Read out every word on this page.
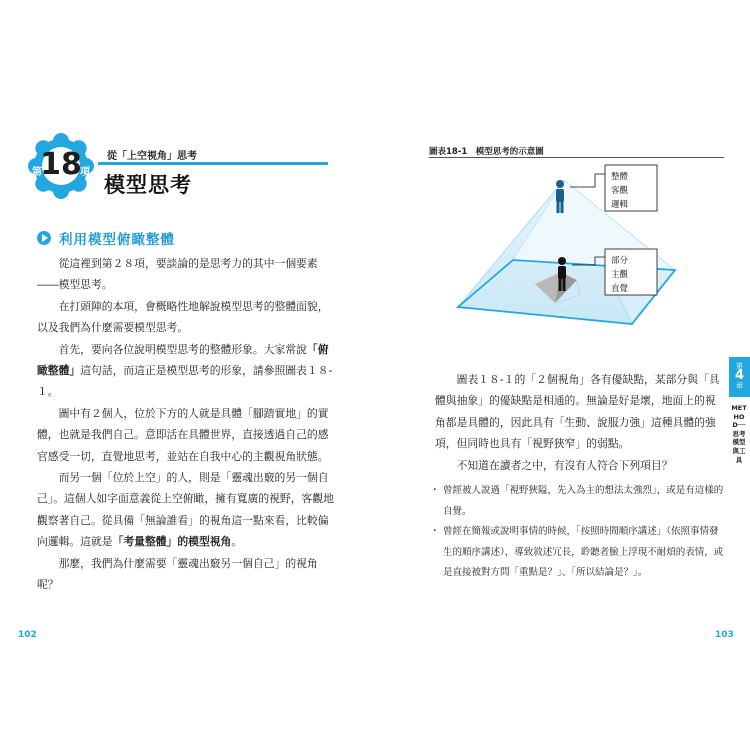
第
18
項
從「上空視角」思考
模型思考
利用模型俯瞰整體

從這裡到第２８項，要談論的是思考力的其中一個要素――模型思考。

在打頭陣的本項，會概略性地解說模型思考的整體面貌，以及我們為什麼需要模型思考。

首先，要向各位說明模型思考的整體形象。大家常說「俯瞰整體」這句話，而這正是模型思考的形象，請參照圖表１８-１。

圖中有２個人，位於下方的人就是具體「腳踏實地」的實體，也就是我們自己。意即活在具體世界，直接透過自己的感官感受一切，直覺地思考，並站在自我中心的主觀視角狀態。

而另一個「位於上空」的人，則是「靈魂出竅的另一個自己」。這個人如字面意義從上空俯瞰，擁有寬廣的視野，客觀地觀察著自己。從具備「無論誰看」的視角這一點來看，比較偏向邏輯。這就是「考量整體」的模型視角。

那麼，我們為什麼需要「靈魂出竅另一個自己」的視角呢？

102
圖表18-1　模型思考的示意圖
整體
客觀
邏輯
部分
主觀
直覺

圖表１８-１的「２個視角」各有優缺點，某部分與「具體與抽象」的優缺點是相通的。無論是好是壞，地面上的視角都是具體的，因此具有「生動、說服力強」這種具體的強項，但同時也具有「視野狹窄」的弱點。

不知道在讀者之中，有沒有人符合下列項目？

・ 曾經被人說過「視野狹隘，先入為主的想法太強烈」，或是有這樣的自覺。
・ 曾經在簡報或說明事情的時候，「按照時間順序講述」（依照事情發生的順序講述），導致敘述冗長，聆聽者臉上浮現不耐煩的表情，或是直接被對方問「重點是？」、「所以結論是？」。
第
4
章
METHOD──思考模型與工具
103
